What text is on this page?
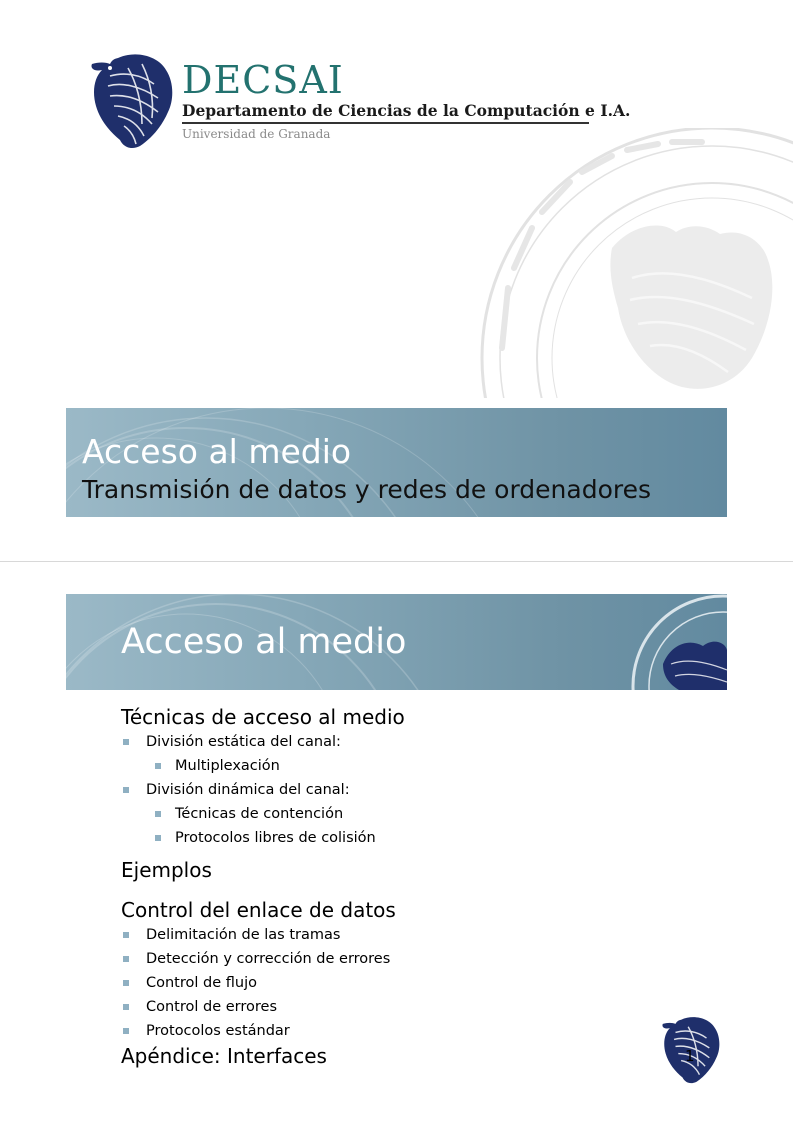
DECSAI
Departamento de Ciencias de la Computación e I.A.
Universidad de Granada
Acceso al medio
Transmisión de datos y redes de ordenadores
Acceso al medio
Técnicas de acceso al medio
División estática del canal:
Multiplexación
División dinámica del canal:
Técnicas de contención
Protocolos libres de colisión
Ejemplos
Control del enlace de datos
Delimitación de las tramas
Detección y corrección de errores
Control de flujo
Control de errores
Protocolos estándar
Apéndice: Interfaces	1
